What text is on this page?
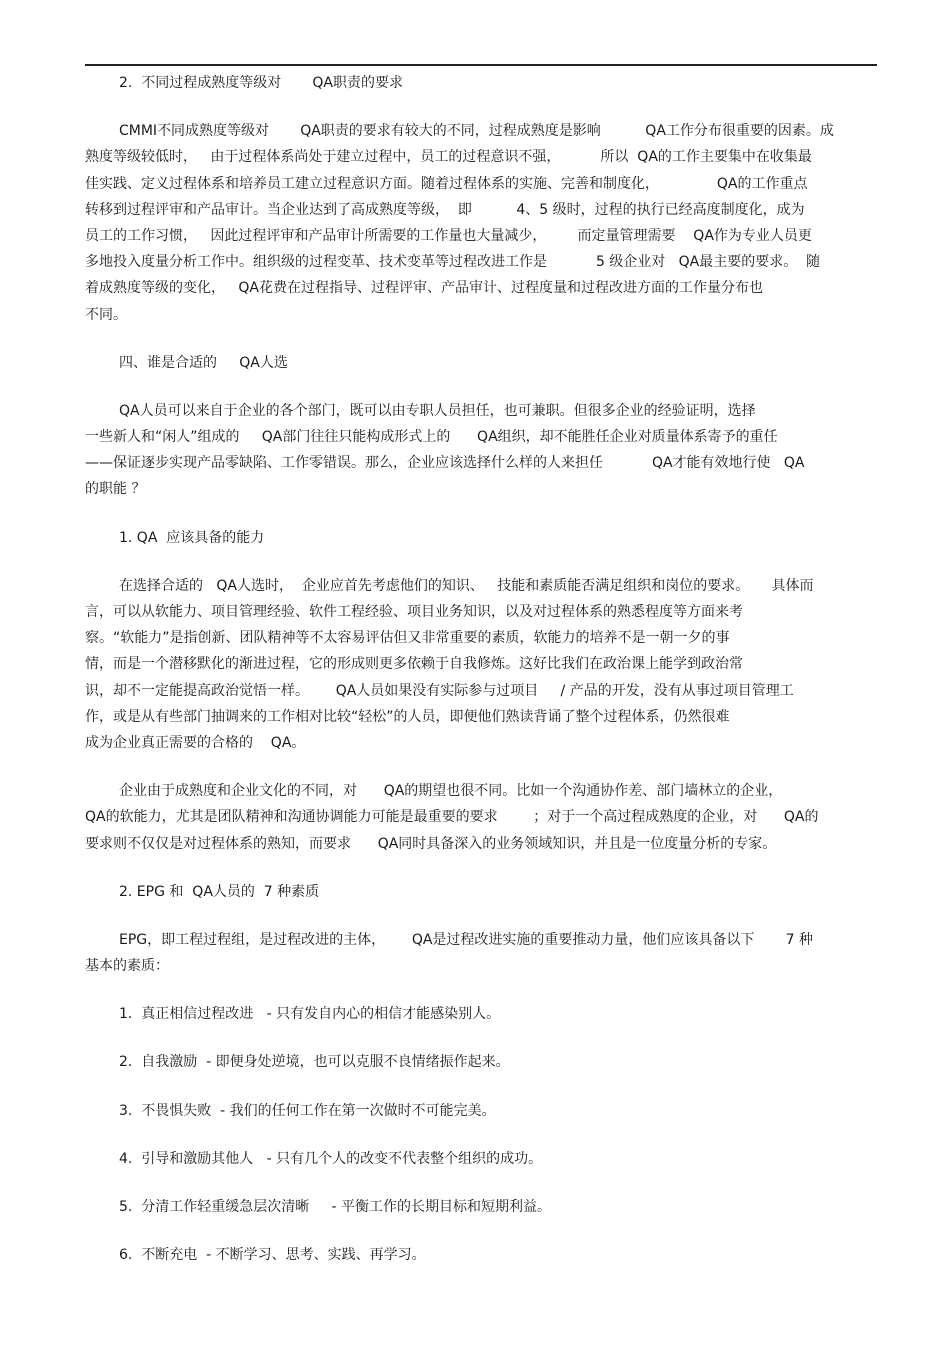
2.  不同过程成熟度等级对       QA职责的要求

CMMI不同成熟度等级对       QA职责的要求有较大的不同，过程成熟度是影响          QA工作分布很重要的因素。成

熟度等级较低时，   由于过程体系尚处于建立过程中，员工的过程意识不强，         所以  QA的工作主要集中在收集最

佳实践、定义过程体系和培养员工建立过程意识方面。随着过程体系的实施、完善和制度化，             QA的工作重点

转移到过程评审和产品审计。当企业达到了高成熟度等级，  即          4、5 级时，过程的执行已经高度制度化，成为

员工的工作习惯，   因此过程评审和产品审计所需要的工作量也大量减少，       而定量管理需要    QA作为专业人员更

多地投入度量分析工作中。组织级的过程变革、技术变革等过程改进工作是           5 级企业对   QA最主要的要求。  随

着成熟度等级的变化，   QA花费在过程指导、过程评审、产品审计、过程度量和过程改进方面的工作量分布也

不同。

四、谁是合适的     QA人选

QA人员可以来自于企业的各个部门，既可以由专职人员担任，也可兼职。但很多企业的经验证明，选择

一些新人和“闲人”组成的     QA部门往往只能构成形式上的      QA组织，却不能胜任企业对质量体系寄予的重任

——保证逐步实现产品零缺陷、工作零错误。那么，企业应该选择什么样的人来担任           QA才能有效地行使   QA

的职能 ？

1. QA  应该具备的能力

在选择合适的   QA人选时，  企业应首先考虑他们的知识、   技能和素质能否满足组织和岗位的要求。     具体而

言，可以从软能力、项目管理经验、软件工程经验、项目业务知识，以及对过程体系的熟悉程度等方面来考

察。“软能力”是指创新、团队精神等不太容易评估但又非常重要的素质，软能力的培养不是一朝一夕的事

情，而是一个潜移默化的渐进过程，它的形成则更多依赖于自我修炼。这好比我们在政治课上能学到政治常

识，却不一定能提高政治觉悟一样。      QA人员如果没有实际参与过项目     / 产品的开发，没有从事过项目管理工

作，或是从有些部门抽调来的工作相对比较“轻松”的人员，即便他们熟读背诵了整个过程体系，仍然很难

成为企业真正需要的合格的    QA。

企业由于成熟度和企业文化的不同，对      QA的期望也很不同。比如一个沟通协作差、部门墙林立的企业，

QA的软能力，尤其是团队精神和沟通协调能力可能是最重要的要求        ；对于一个高过程成熟度的企业，对      QA的

要求则不仅仅是对过程体系的熟知，而要求      QA同时具备深入的业务领域知识，并且是一位度量分析的专家。

2. EPG 和  QA人员的  7 种素质

EPG，即工程过程组，是过程改进的主体，      QA是过程改进实施的重要推动力量，他们应该具备以下       7 种

基本的素质：

1.  真正相信过程改进   - 只有发自内心的相信才能感染别人。

2.  自我激励  - 即便身处逆境，也可以克服不良情绪振作起来。

3.  不畏惧失败  - 我们的任何工作在第一次做时不可能完美。

4.  引导和激励其他人   - 只有几个人的改变不代表整个组织的成功。

5.  分清工作轻重缓急层次清晰     - 平衡工作的长期目标和短期利益。

6.  不断充电  - 不断学习、思考、实践、再学习。
